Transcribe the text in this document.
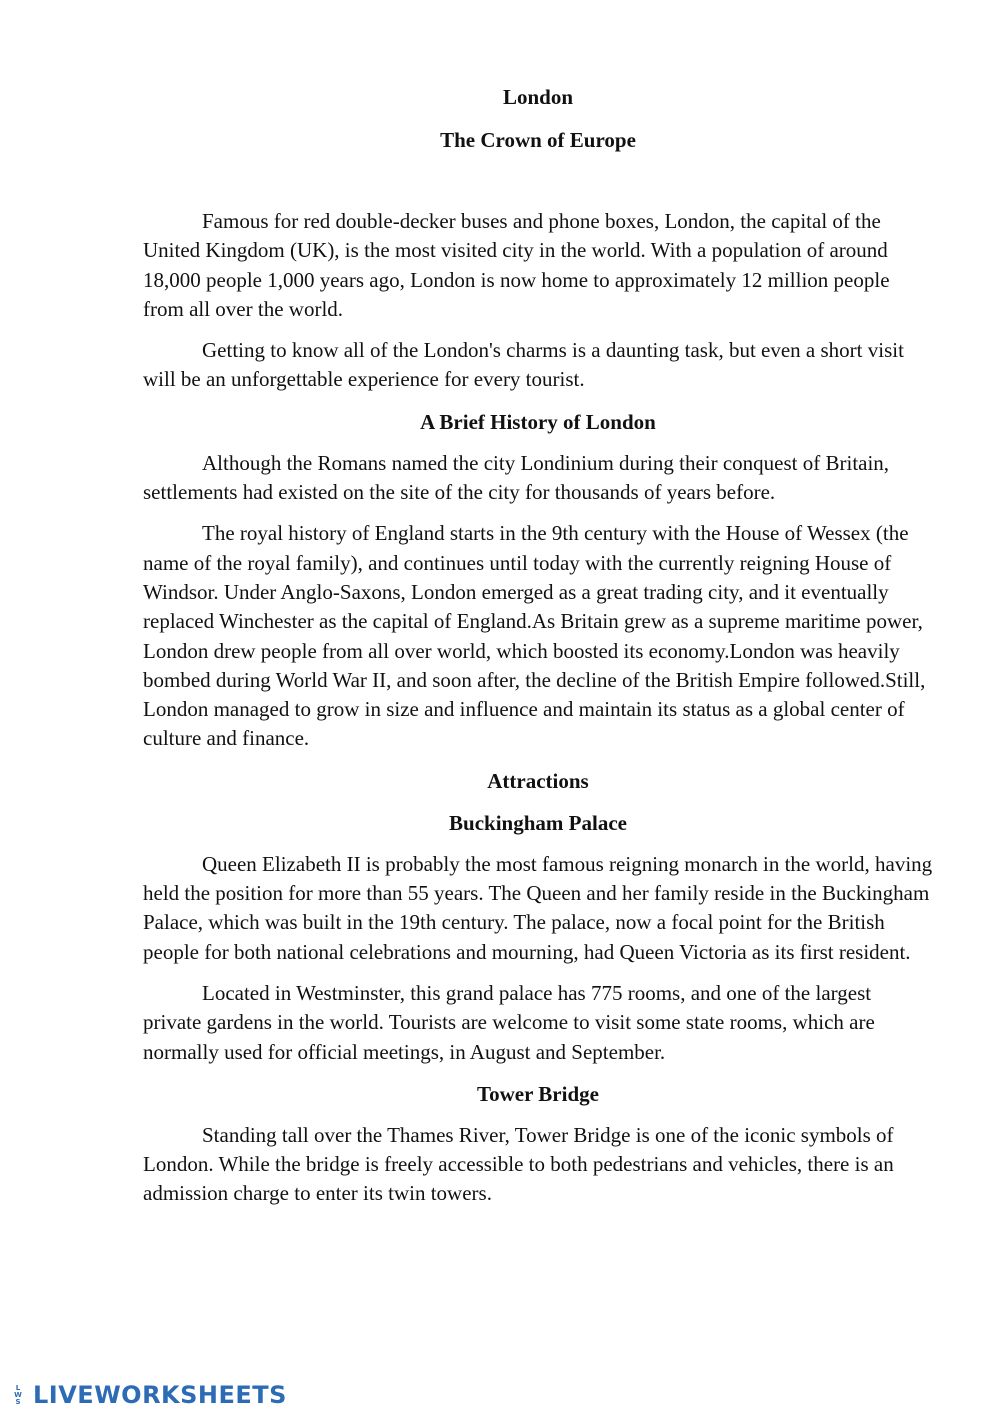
London
The Crown of Europe

Famous for red double-decker buses and phone boxes, London, the capital of the United Kingdom (UK), is the most visited city in the world. With a population of around 18,000 people 1,000 years ago, London is now home to approximately 12 million people from all over the world.

Getting to know all of the London's charms is a daunting task, but even a short visit will be an unforgettable experience for every tourist.

A Brief History of London

Although the Romans named the city Londinium during their conquest of Britain, settlements had existed on the site of the city for thousands of years before.

The royal history of England starts in the 9th century with the House of Wessex (the name of the royal family), and continues until today with the currently reigning House of Windsor. Under Anglo-Saxons, London emerged as a great trading city, and it eventually replaced Winchester as the capital of England.As Britain grew as a supreme maritime power, London drew people from all over world, which boosted its economy.London was heavily bombed during World War II, and soon after, the decline of the British Empire followed.Still, London managed to grow in size and influence and maintain its status as a global center of culture and finance.

Attractions
Buckingham Palace

Queen Elizabeth II is probably the most famous reigning monarch in the world, having held the position for more than 55 years. The Queen and her family reside in the Buckingham Palace, which was built in the 19th century. The palace, now a focal point for the British people for both national celebrations and mourning, had Queen Victoria as its first resident.

Located in Westminster, this grand palace has 775 rooms, and one of the largest private gardens in the world. Tourists are welcome to visit some state rooms, which are normally used for official meetings, in August and September.

Tower Bridge

Standing tall over the Thames River, Tower Bridge is one of the iconic symbols of London. While the bridge is freely accessible to both pedestrians and vehicles, there is an admission charge to enter its twin towers.

L
W
S LIVEWORKSHEETS
